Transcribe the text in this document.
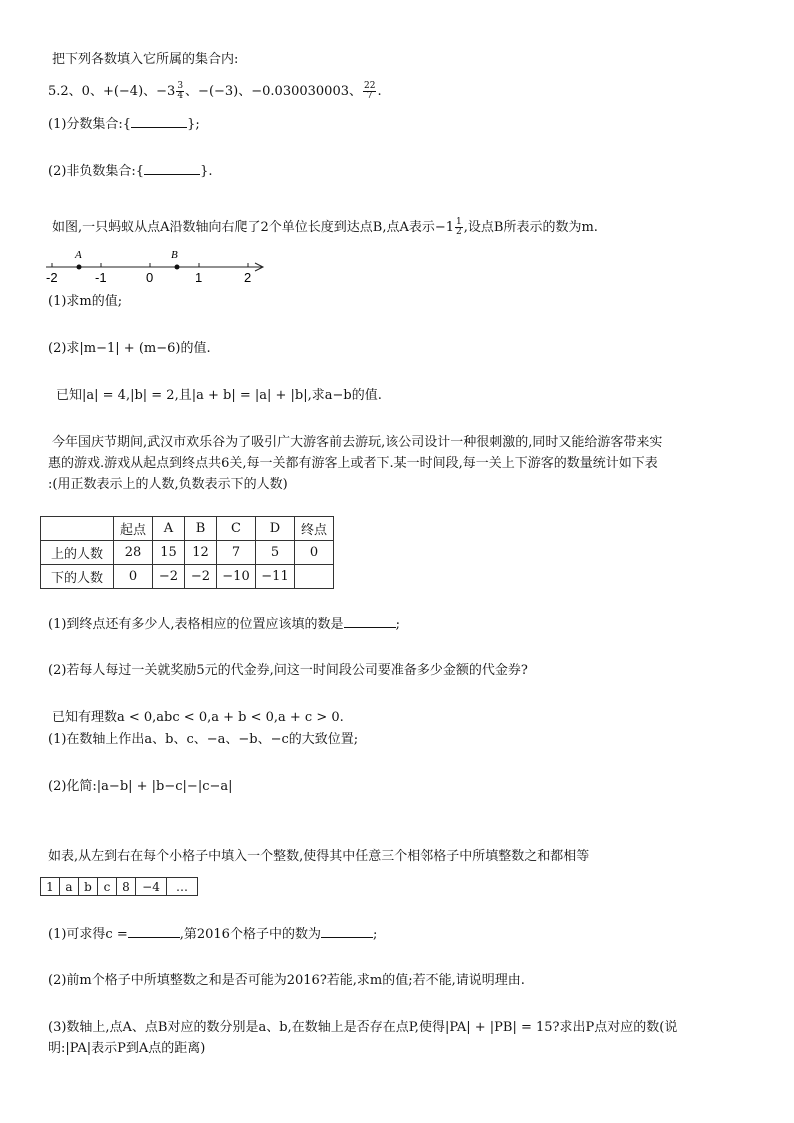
把下列各数填入它所属的集合内:
5.2、0、+(−4)、$-3 \frac{3}{4}$ 、−(−3)、−0.030030003、 $\frac{22}{7}$ .
(1)分数集合:{	};
(2)非负数集合:{	}.
如图,一只蚂蚁从点A沿数轴向右爬了2个单位长度到达点B,点A表示$-1 \frac{1}{2}$ ,设点B所表示的数为m.
A	B
-2	-1	0	1	2
(1)求m的值;
(2)求|m−1| + (m−6)的值.
已知|a| = 4,|b| = 2,且|a + b| = |a| + |b|,求a−b的值.
今年国庆节期间,武汉市欢乐谷为了吸引广大游客前去游玩,该公司设计一种很刺激的,同时又能给游客带来实
惠的游戏.游戏从起点到终点共6关,每一关都有游客上或者下.某一时间段,每一关上下游客的数量统计如下表
:(用正数表示上的人数,负数表示下的人数)
	起点	A	B	C	D	终点
上的人数	28	15	12	7	5	0
下的人数	0	−2	−2	−10	−11	
(1)到终点还有多少人,表格相应的位置应该填的数是	;
(2)若每人每过一关就奖励5元的代金券,问这一时间段公司要准备多少金额的代金券?
已知有理数a < 0,abc < 0,a + b < 0,a + c > 0.
(1)在数轴上作出a、b、c、−a、−b、−c的大致位置;
(2)化简:|a−b| + |b−c|−|c−a|
如表,从左到右在每个小格子中填入一个整数,使得其中任意三个相邻格子中所填整数之和都相等
1	a	b	c	8	−4	…
(1)可求得c =	,第2016个格子中的数为	;
(2)前m个格子中所填整数之和是否可能为2016?若能,求m的值;若不能,请说明理由.
(3)数轴上,点A、点B对应的数分别是a、b,在数轴上是否存在点P,使得|PA| + |PB| = 15?求出P点对应的数(说
明:|PA|表示P到A点的距离)
